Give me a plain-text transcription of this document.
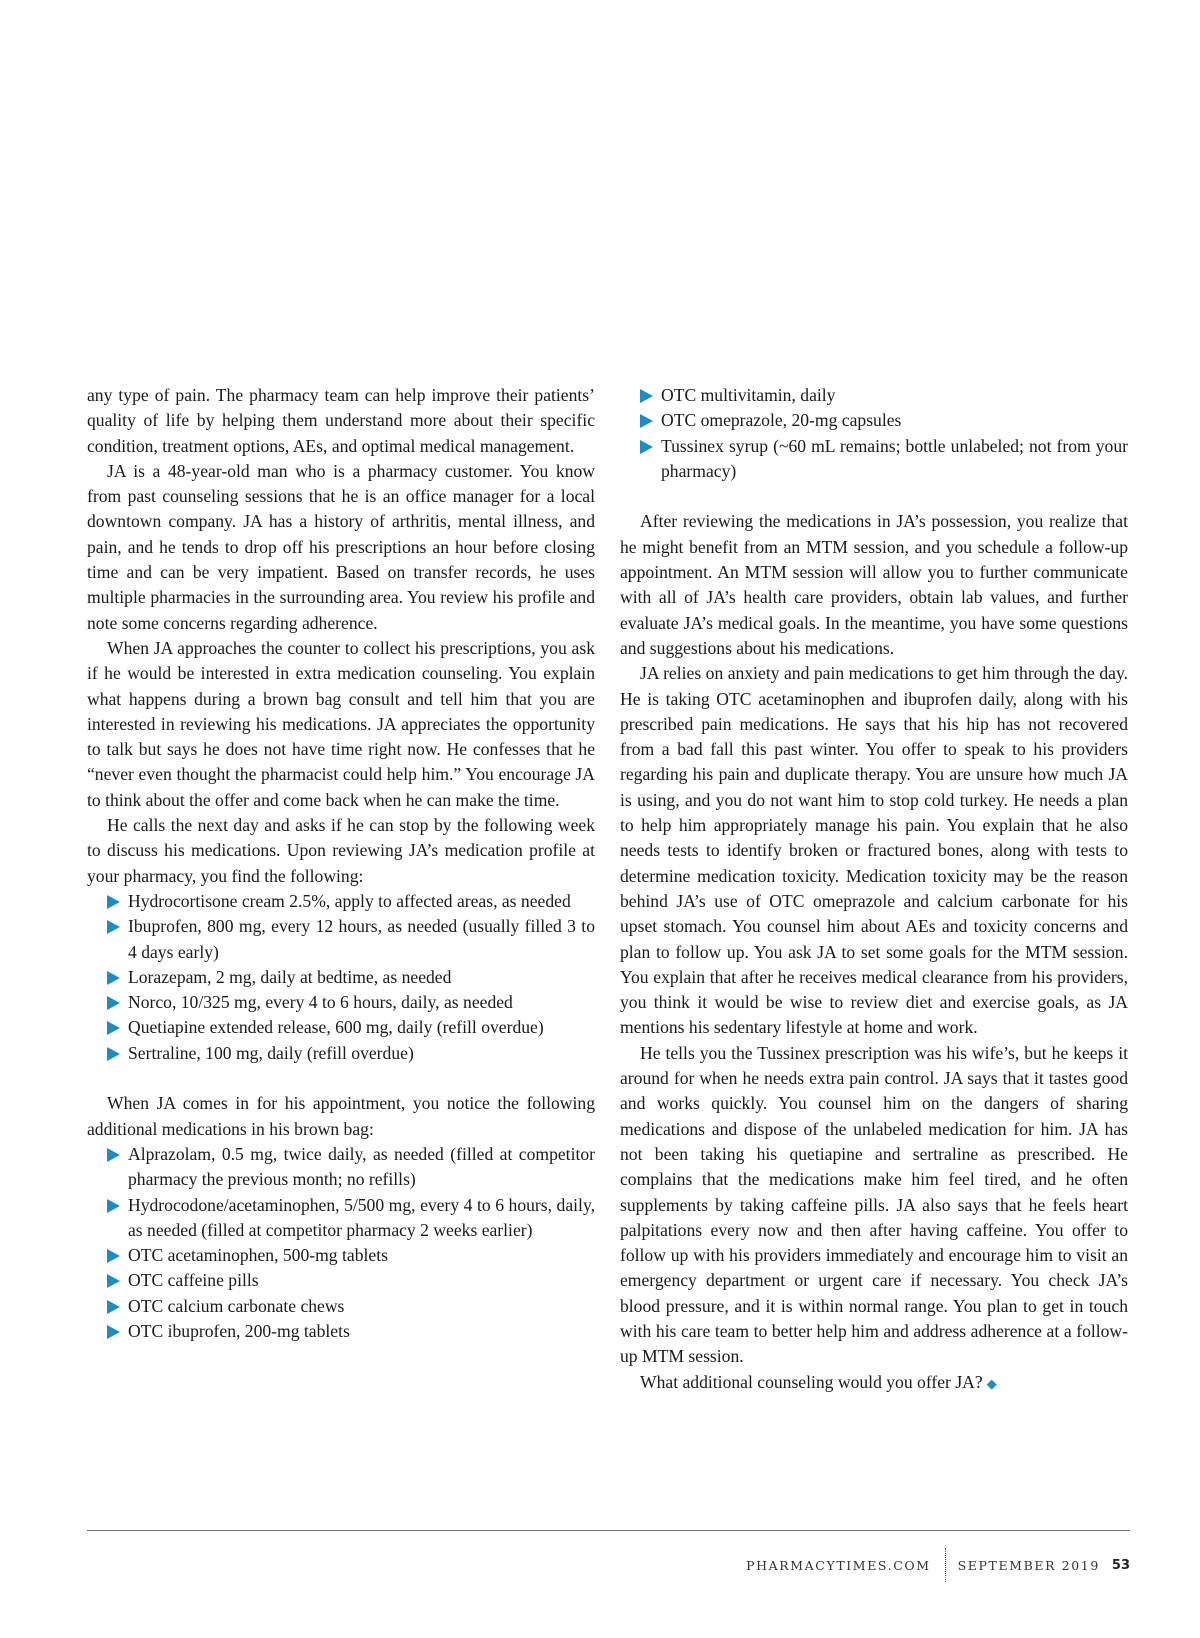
any type of pain. The pharmacy team can help improve their patients’ quality of life by helping them understand more about their specific condition, treatment options, AEs, and optimal medical management.

JA is a 48-year-old man who is a pharmacy customer. You know from past counseling sessions that he is an office manager for a local downtown company. JA has a history of arthritis, mental illness, and pain, and he tends to drop off his prescriptions an hour before closing time and can be very impatient. Based on transfer records, he uses multiple pharmacies in the surrounding area. You review his profile and note some concerns regarding adherence.

When JA approaches the counter to collect his prescriptions, you ask if he would be interested in extra medication counseling. You explain what happens during a brown bag consult and tell him that you are interested in reviewing his medications. JA appreciates the opportunity to talk but says he does not have time right now. He confesses that he “never even thought the pharmacist could help him.” You encourage JA to think about the offer and come back when he can make the time.

He calls the next day and asks if he can stop by the following week to discuss his medications. Upon reviewing JA’s medication profile at your pharmacy, you find the following:

Hydrocortisone cream 2.5%, apply to affected areas, as needed
Ibuprofen, 800 mg, every 12 hours, as needed (usually filled 3 to 4 days early)
Lorazepam, 2 mg, daily at bedtime, as needed
Norco, 10/325 mg, every 4 to 6 hours, daily, as needed
Quetiapine extended release, 600 mg, daily (refill overdue)
Sertraline, 100 mg, daily (refill overdue)

When JA comes in for his appointment, you notice the following additional medications in his brown bag:

Alprazolam, 0.5 mg, twice daily, as needed (filled at competitor pharmacy the previous month; no refills)
Hydrocodone/acetaminophen, 5/500 mg, every 4 to 6 hours, daily, as needed (filled at competitor pharmacy 2 weeks earlier)
OTC acetaminophen, 500-mg tablets
OTC caffeine pills
OTC calcium carbonate chews
OTC ibuprofen, 200-mg tablets
OTC multivitamin, daily
OTC omeprazole, 20-mg capsules
Tussinex syrup (~60 mL remains; bottle unlabeled; not from your pharmacy)

After reviewing the medications in JA’s possession, you realize that he might benefit from an MTM session, and you schedule a follow-up appointment. An MTM session will allow you to further communicate with all of JA’s health care providers, obtain lab values, and further evaluate JA’s medical goals. In the meantime, you have some questions and suggestions about his medications.

JA relies on anxiety and pain medications to get him through the day. He is taking OTC acetaminophen and ibuprofen daily, along with his prescribed pain medications. He says that his hip has not recovered from a bad fall this past winter. You offer to speak to his providers regarding his pain and duplicate therapy. You are unsure how much JA is using, and you do not want him to stop cold turkey. He needs a plan to help him appropriately manage his pain. You explain that he also needs tests to identify broken or fractured bones, along with tests to determine medication toxicity. Medication toxicity may be the reason behind JA’s use of OTC omeprazole and calcium carbonate for his upset stomach. You counsel him about AEs and toxicity concerns and plan to follow up. You ask JA to set some goals for the MTM session. You explain that after he receives medical clearance from his providers, you think it would be wise to review diet and exercise goals, as JA mentions his sedentary lifestyle at home and work.

He tells you the Tussinex prescription was his wife’s, but he keeps it around for when he needs extra pain control. JA says that it tastes good and works quickly. You counsel him on the dangers of sharing medications and dispose of the unlabeled medication for him. JA has not been taking his quetiapine and sertraline as prescribed. He complains that the medications make him feel tired, and he often supplements by taking caffeine pills. JA also says that he feels heart palpitations every now and then after having caffeine. You offer to follow up with his providers immediately and encourage him to visit an emergency department or urgent care if necessary. You check JA’s blood pressure, and it is within normal range. You plan to get in touch with his care team to better help him and address adherence at a follow-up MTM session.

What additional counseling would you offer JA? ◆

PHARMACYTIMES.COM SEPTEMBER 2019 53
